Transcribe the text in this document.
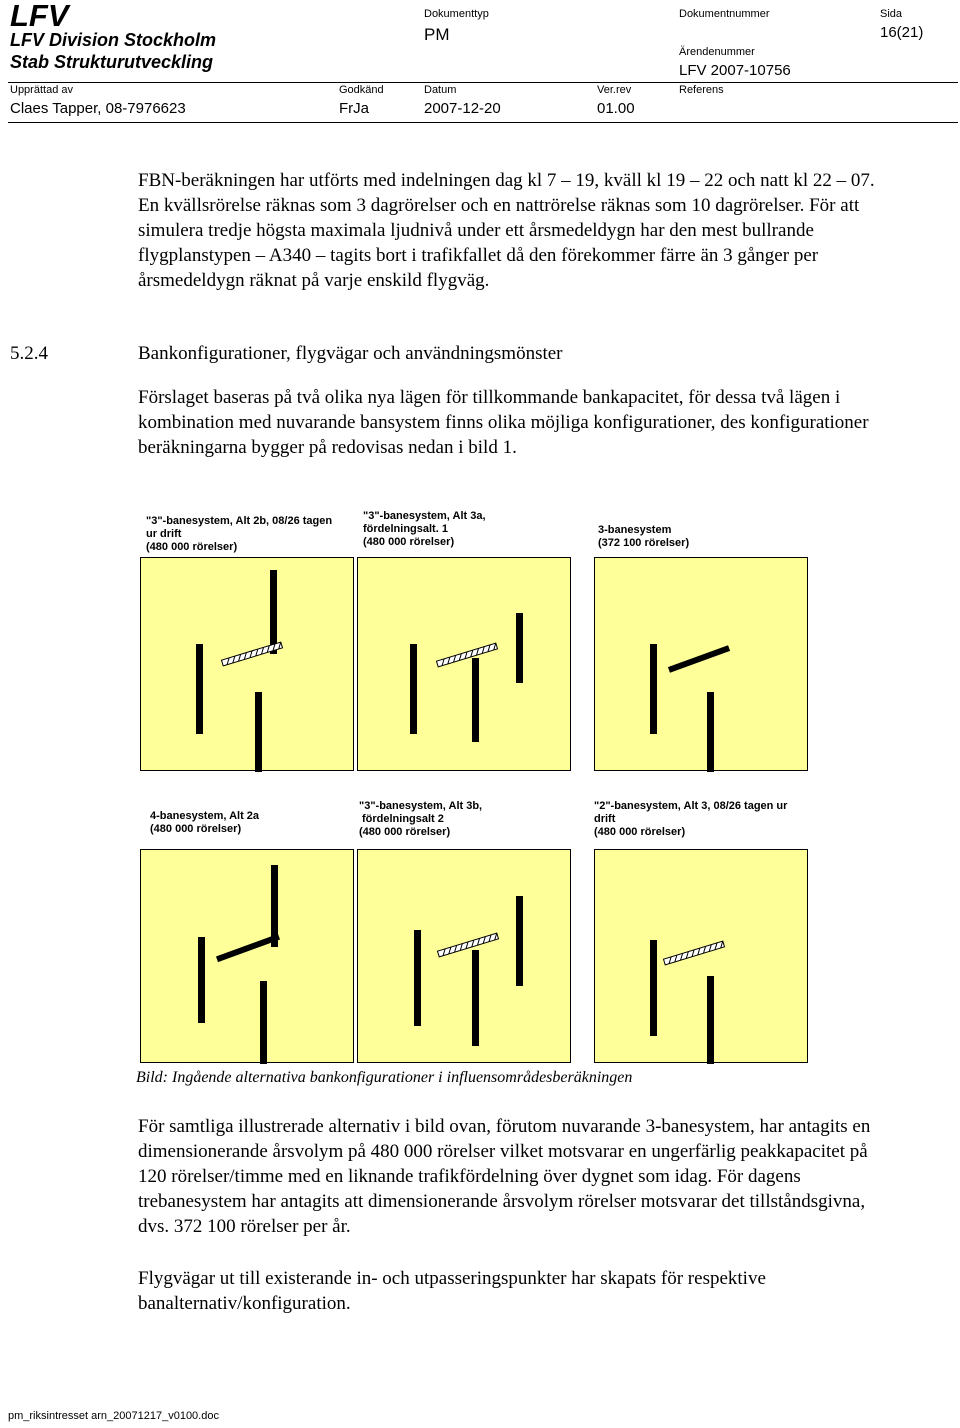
LFV
LFV Division Stockholm
Stab Strukturutveckling
Dokumenttyp
PM
Dokumentnummer
Ärendenummer
LFV 2007-10756
Sida
16(21)
Upprättad av
Claes Tapper, 08-7976623
Godkänd
FrJa
Datum
2007-12-20
Ver.rev
01.00
Referens
FBN-beräkningen har utförts med indelningen dag kl 7 – 19, kväll kl 19 – 22 och natt kl 22 – 07. En kvällsrörelse räknas som 3 dagrörelser och en nattrörelse räknas som 10 dagrörelser. För att simulera tredje högsta maximala ljudnivå under ett årsmedeldygn har den mest bullrande flygplanstypen – A340 – tagits bort i trafikfallet då den förekommer färre än 3 gånger per årsmedeldygn räknat på varje enskild flygväg.
5.2.4	Bankonfigurationer, flygvägar och användningsmönster
Förslaget baseras på två olika nya lägen för tillkommande bankapacitet, för dessa två lägen i kombination med nuvarande bansystem finns olika möjliga konfigurationer, des konfigurationer beräkningarna bygger på redovisas nedan i bild 1.
"3"-banesystem, Alt 2b, 08/26 tagen
ur drift
(480 000 rörelser)
"3"-banesystem, Alt 3a,
fördelningsalt. 1
(480 000 rörelser)
3-banesystem
(372 100 rörelser)
4-banesystem, Alt 2a
(480 000 rörelser)
"3"-banesystem, Alt 3b,
fördelningsalt 2
(480 000 rörelser)
"2"-banesystem, Alt 3, 08/26 tagen ur
drift
(480 000 rörelser)
Bild: Ingående alternativa bankonfigurationer i influensområdesberäkningen
För samtliga illustrerade alternativ i bild ovan, förutom nuvarande 3-banesystem, har antagits en dimensionerande årsvolym på 480 000 rörelser vilket motsvarar en ungerfärlig peakkapacitet på 120 rörelser/timme med en liknande trafikfördelning över dygnet som idag. För dagens trebanesystem har antagits att dimensionerande årsvolym rörelser motsvarar det tillståndsgivna, dvs. 372 100 rörelser per år.
Flygvägar ut till existerande in- och utpasseringspunkter har skapats för respektive banalternativ/konfiguration.
pm_riksintresset arn_20071217_v0100.doc
